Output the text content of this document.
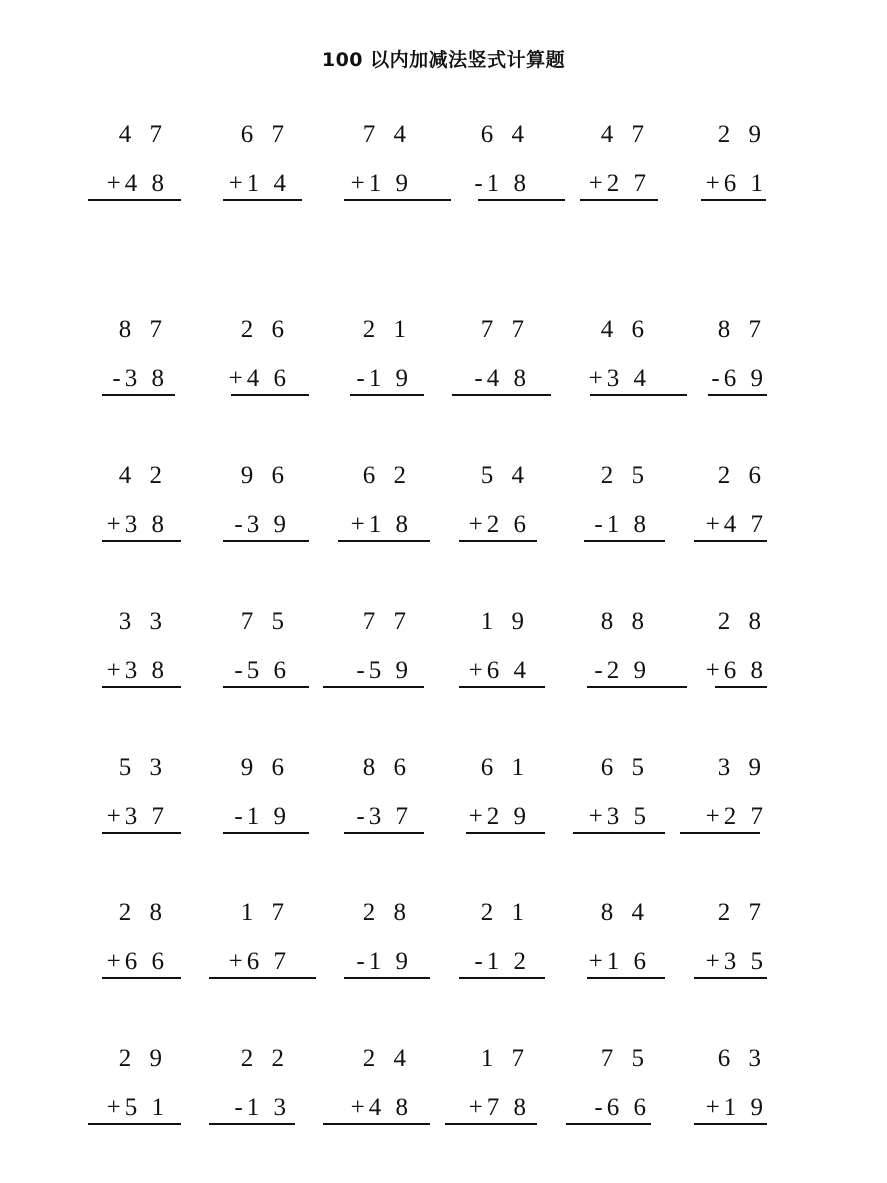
100 以内加减法竖式计算题
4 7
+4 8
6 7
+1 4
7 4
+1 9
6 4
-1 8
4 7
+2 7
2 9
+6 1
8 7
-3 8
2 6
+4 6
2 1
-1 9
7 7
-4 8
4 6
+3 4
8 7
-6 9
4 2
+3 8
9 6
-3 9
6 2
+1 8
5 4
+2 6
2 5
-1 8
2 6
+4 7
3 3
+3 8
7 5
-5 6
7 7
-5 9
1 9
+6 4
8 8
-2 9
2 8
+6 8
5 3
+3 7
9 6
-1 9
8 6
-3 7
6 1
+2 9
6 5
+3 5
3 9
+2 7
2 8
+6 6
1 7
+6 7
2 8
-1 9
2 1
-1 2
8 4
+1 6
2 7
+3 5
2 9
+5 1
2 2
-1 3
2 4
+4 8
1 7
+7 8
7 5
-6 6
6 3
+1 9
